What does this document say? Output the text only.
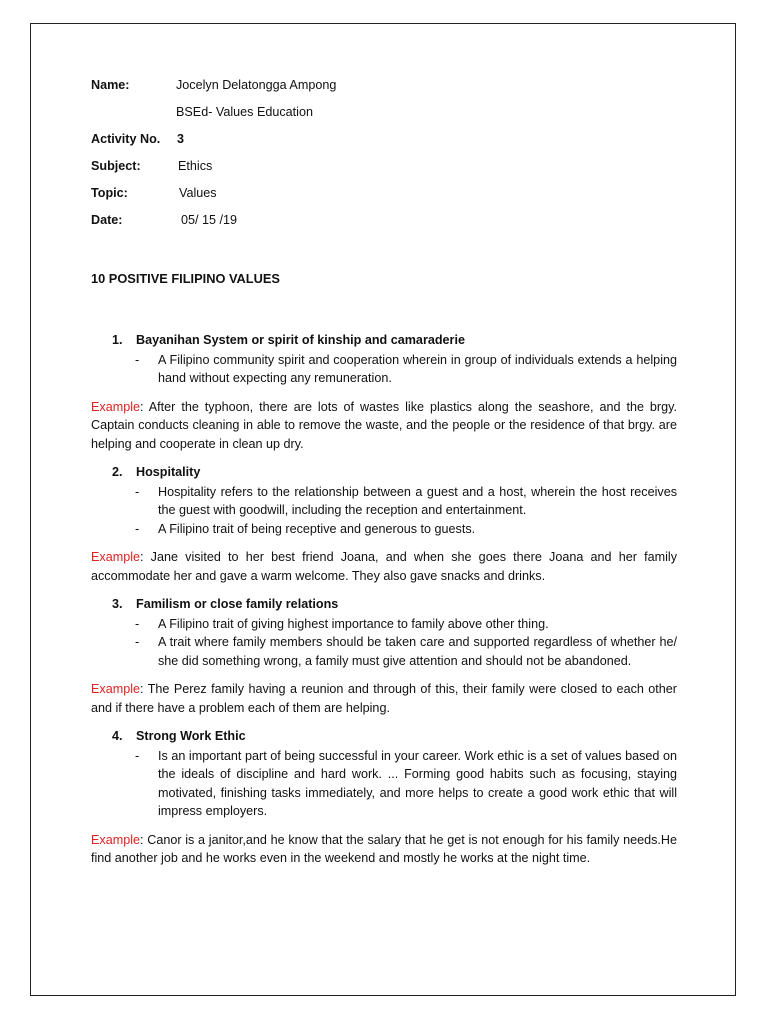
Name:	Jocelyn Delatongga Ampong
BSEd- Values Education
Activity No. 3
Subject:	Ethics
Topic:	Values
Date:	05/ 15 /19
10 POSITIVE FILIPINO VALUES
1. Bayanihan System or spirit of kinship and camaraderie
- A Filipino community spirit and cooperation wherein in group of individuals extends a helping hand without expecting any remuneration.
Example: After the typhoon, there are lots of wastes like plastics along the seashore, and the brgy. Captain conducts cleaning in able to remove the waste, and the people or the residence of that brgy. are helping and cooperate in clean up dry.
2. Hospitality
- Hospitality refers to the relationship between a guest and a host, wherein the host receives the guest with goodwill, including the reception and entertainment.
- A Filipino trait of being receptive and generous to guests.
Example: Jane visited to her best friend Joana, and when she goes there Joana and her family accommodate her and gave a warm welcome. They also gave snacks and drinks.
3. Familism or close family relations
- A Filipino trait of giving highest importance to family above other thing.
- A trait where family members should be taken care and supported regardless of whether he/ she did something wrong, a family must give attention and should not be abandoned.
Example: The Perez family having a reunion and through of this, their family were closed to each other and if there have a problem each of them are helping.
4. Strong Work Ethic
- Is an important part of being successful in your career. Work ethic is a set of values based on the ideals of discipline and hard work. ... Forming good habits such as focusing, staying motivated, finishing tasks immediately, and more helps to create a good work ethic that will impress employers.
Example: Canor is a janitor,and he know that the salary that he get is not enough for his family needs.He find another job and he works even in the weekend and mostly he works at the night time.
